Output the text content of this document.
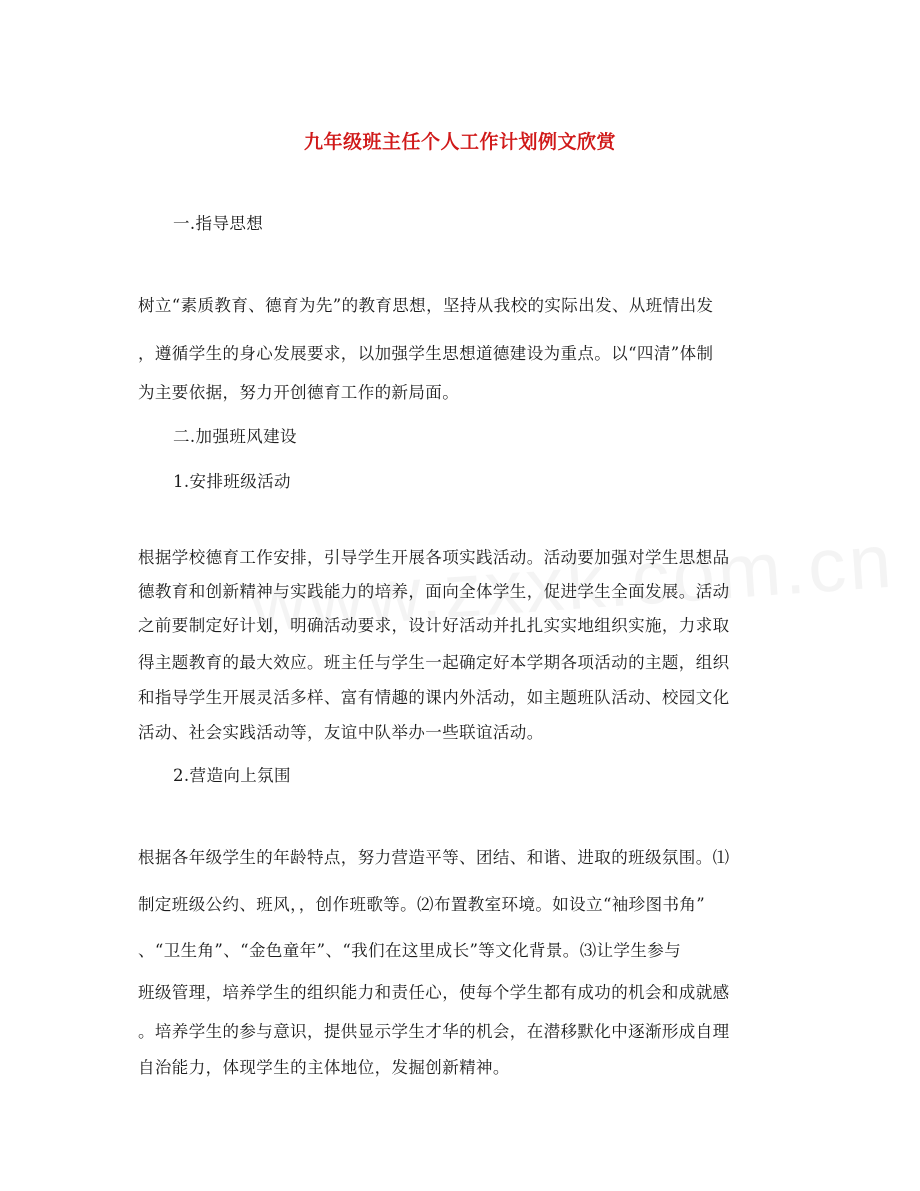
九年级班主任个人工作计划例文欣赏
一.指导思想
树立“素质教育、德育为先”的教育思想，坚持从我校的实际出发、从班情出发
，遵循学生的身心发展要求，以加强学生思想道德建设为重点。以“四清”体制
为主要依据，努力开创德育工作的新局面。
二.加强班风建设
1.安排班级活动
根据学校德育工作安排，引导学生开展各项实践活动。活动要加强对学生思想品
德教育和创新精神与实践能力的培养，面向全体学生，促进学生全面发展。活动
之前要制定好计划，明确活动要求，设计好活动并扎扎实实地组织实施，力求取
得主题教育的最大效应。班主任与学生一起确定好本学期各项活动的主题，组织
和指导学生开展灵活多样、富有情趣的课内外活动，如主题班队活动、校园文化
活动、社会实践活动等，友谊中队举办一些联谊活动。
2.营造向上氛围
根据各年级学生的年龄特点，努力营造平等、团结、和谐、进取的班级氛围。⑴
制定班级公约、班风，，创作班歌等。⑵布置教室环境。如设立“袖珍图书角”
、“卫生角”、“金色童年”、“我们在这里成长”等文化背景。⑶让学生参与
班级管理，培养学生的组织能力和责任心，使每个学生都有成功的机会和成就感
。培养学生的参与意识，提供显示学生才华的机会，在潜移默化中逐渐形成自理
自治能力，体现学生的主体地位，发掘创新精神。
